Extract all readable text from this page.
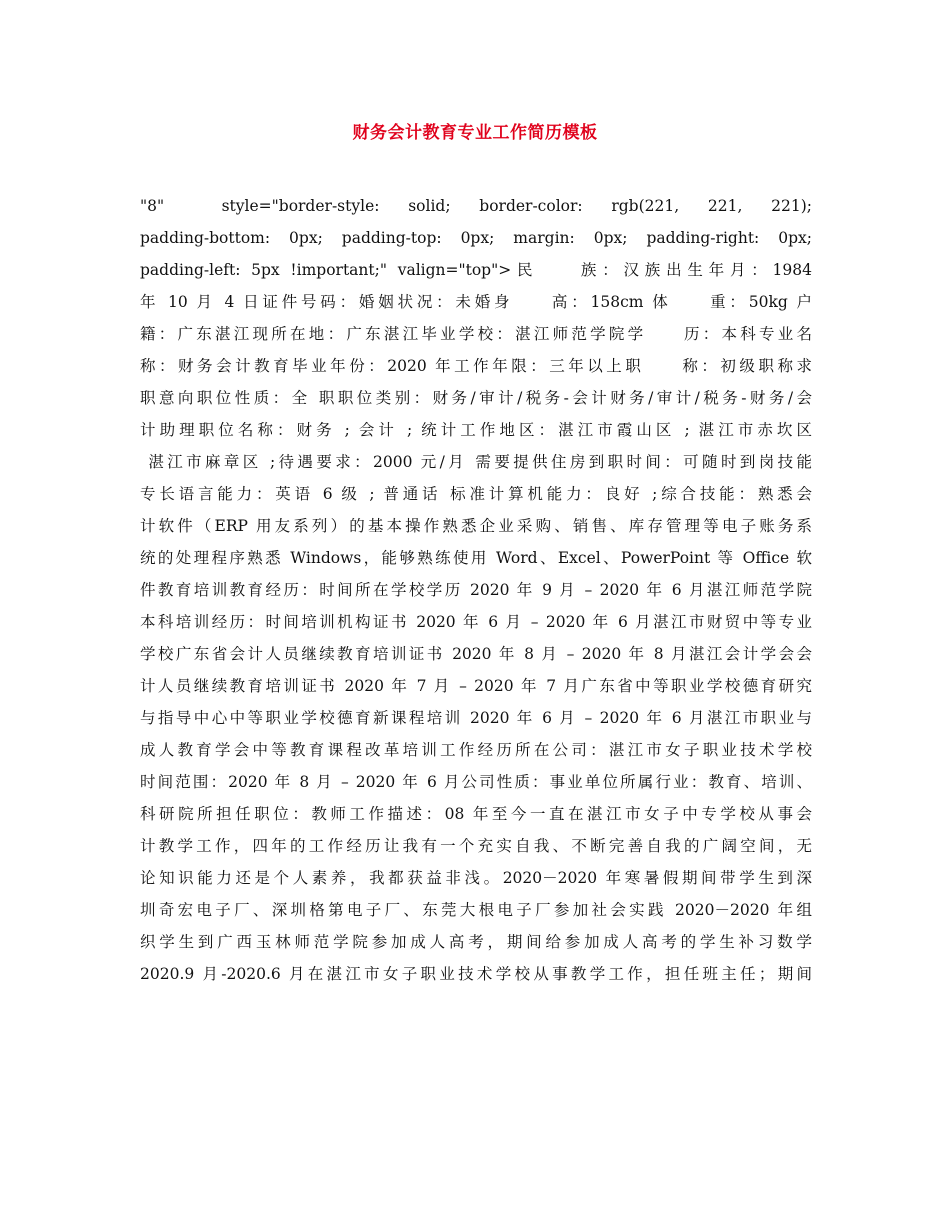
财务会计教育专业工作简历模板
"8"  style="border-style: solid; border-color: rgb(221, 221, 221);
padding-bottom: 0px; padding-top: 0px; margin: 0px; padding-right: 0px;
padding-left: 5px !important;" valign="top">民　　族：汉族出生年月：1984
年 10 月 4 日证件号码：婚姻状况：未婚身　　高：158cm 体　　重：50kg 户
籍：广东湛江现所在地：广东湛江毕业学校：湛江师范学院学　　历：本科专业名
称：财务会计教育毕业年份：2020 年工作年限：三年以上职　　称：初级职称求
职意向职位性质：全 职职位类别：财务/审计/税务-会计财务/审计/税务-财务/会
计助理职位名称：财务 ; 会计 ; 统计工作地区：湛江市霞山区 ; 湛江市赤坎区
湛江市麻章区 ;待遇要求：2000 元/月 需要提供住房到职时间：可随时到岗技能
专长语言能力：英语 6 级 ; 普通话 标准计算机能力：良好 ;综合技能：熟悉会
计软件（ERP 用友系列）的基本操作熟悉企业采购、销售、库存管理等电子账务系
统的处理程序熟悉 Windows，能够熟练使用 Word、Excel、PowerPoint 等 Office 软
件教育培训教育经历：时间所在学校学历 2020 年 9 月 – 2020 年 6 月湛江师范学院
本科培训经历：时间培训机构证书 2020 年 6 月 – 2020 年 6 月湛江市财贸中等专业
学校广东省会计人员继续教育培训证书 2020 年 8 月 – 2020 年 8 月湛江会计学会会
计人员继续教育培训证书 2020 年 7 月 – 2020 年 7 月广东省中等职业学校德育研究
与指导中心中等职业学校德育新课程培训 2020 年 6 月 – 2020 年 6 月湛江市职业与
成人教育学会中等教育课程改革培训工作经历所在公司：湛江市女子职业技术学校
时间范围：2020 年 8 月 – 2020 年 6 月公司性质：事业单位所属行业：教育、培训、
科研院所担任职位：教师工作描述：08 年至今一直在湛江市女子中专学校从事会
计教学工作，四年的工作经历让我有一个充实自我、不断完善自我的广阔空间，无
论知识能力还是个人素养，我都获益非浅。2020－2020 年寒暑假期间带学生到深
圳奇宏电子厂、深圳格第电子厂、东莞大根电子厂参加社会实践 2020－2020 年组
织学生到广西玉林师范学院参加成人高考，期间给参加成人高考的学生补习数学
2020.9 月-2020.6 月在湛江市女子职业技术学校从事教学工作，担任班主任；期间
